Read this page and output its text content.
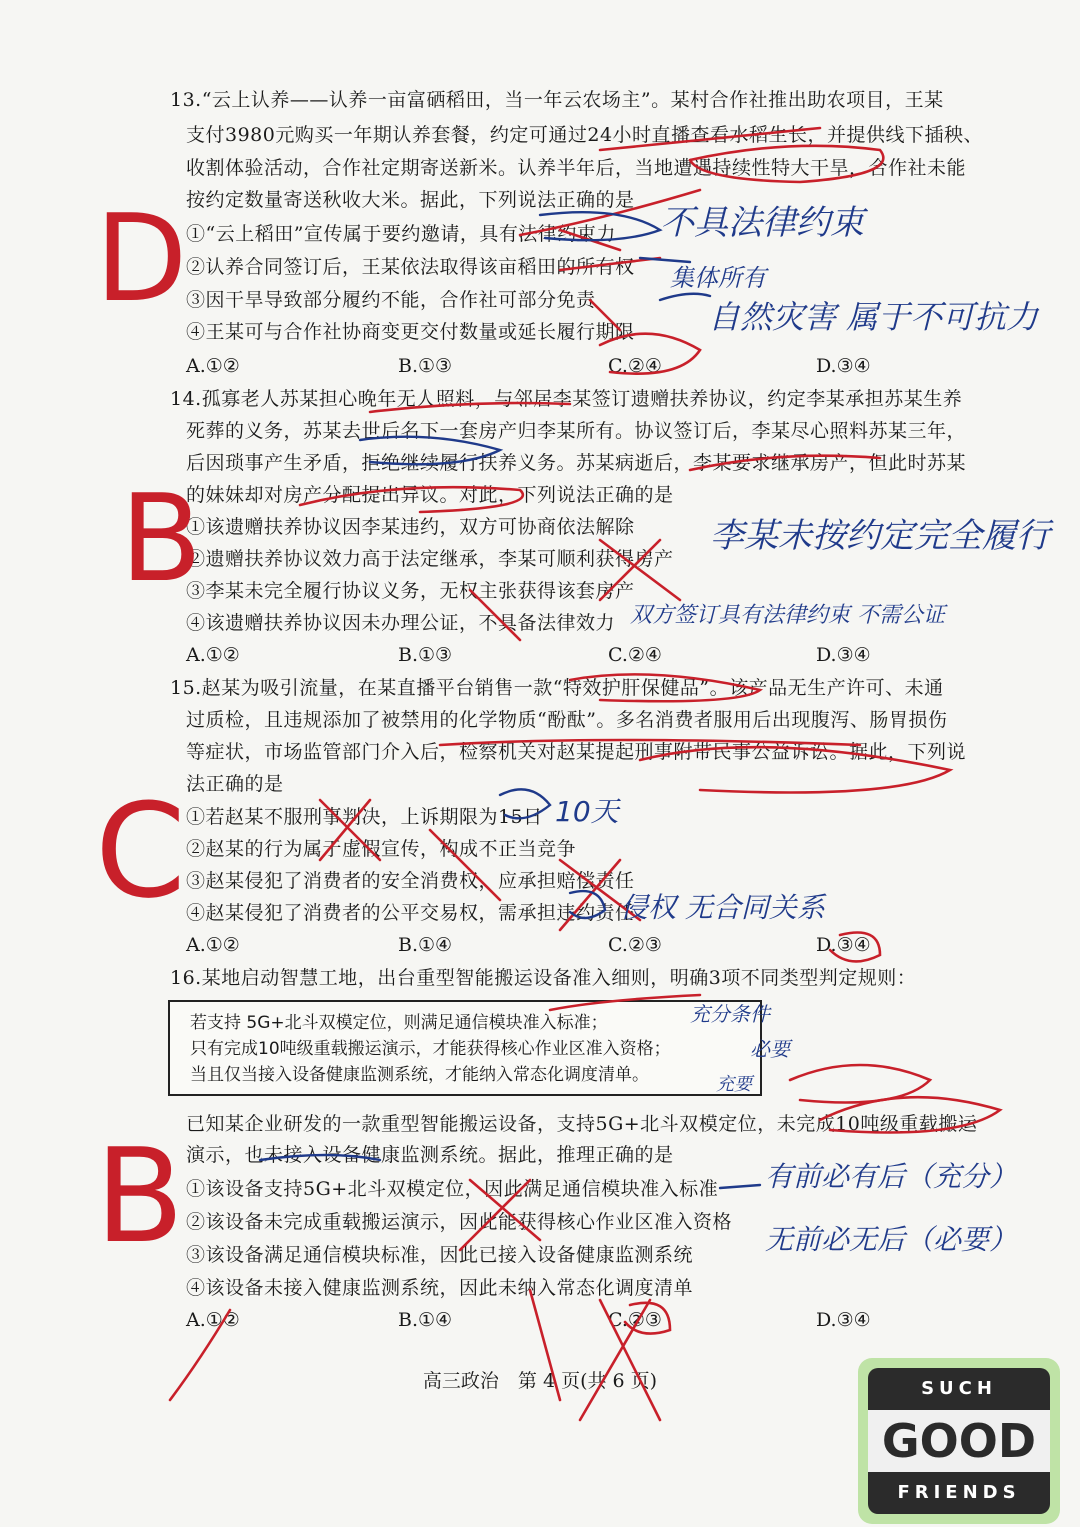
13.“云上认养——认养一亩富硒稻田，当一年云农场主”。某村合作社推出助农项目，王某
支付3980元购买一年期认养套餐，约定可通过24小时直播查看水稻生长，并提供线下插秧、
收割体验活动，合作社定期寄送新米。认养半年后，当地遭遇持续性特大干旱，合作社未能
按约定数量寄送秋收大米。据此，下列说法正确的是
①“云上稻田”宣传属于要约邀请，具有法律约束力
②认养合同签订后，王某依法取得该亩稻田的所有权
③因干旱导致部分履约不能，合作社可部分免责
④王某可与合作社协商变更交付数量或延长履行期限
A.①②	B.①③	C.②④	D.③④
14.孤寡老人苏某担心晚年无人照料，与邻居李某签订遗赠扶养协议，约定李某承担苏某生养
死葬的义务，苏某去世后名下一套房产归李某所有。协议签订后，李某尽心照料苏某三年，
后因琐事产生矛盾，拒绝继续履行扶养义务。苏某病逝后，李某要求继承房产，但此时苏某
的妹妹却对房产分配提出异议。对此，下列说法正确的是
①该遗赠扶养协议因李某违约，双方可协商依法解除
②遗赠扶养协议效力高于法定继承，李某可顺利获得房产
③李某未完全履行协议义务，无权主张获得该套房产
④该遗赠扶养协议因未办理公证，不具备法律效力
A.①②	B.①③	C.②④	D.③④
15.赵某为吸引流量，在某直播平台销售一款“特效护肝保健品”。该产品无生产许可、未通
过质检，且违规添加了被禁用的化学物质“酚酞”。多名消费者服用后出现腹泻、肠胃损伤
等症状，市场监管部门介入后，检察机关对赵某提起刑事附带民事公益诉讼。据此，下列说
法正确的是
①若赵某不服刑事判决，上诉期限为15日
②赵某的行为属于虚假宣传，构成不正当竞争
③赵某侵犯了消费者的安全消费权，应承担赔偿责任
④赵某侵犯了消费者的公平交易权，需承担违约责任
A.①②	B.①④	C.②③	D.③④
16.某地启动智慧工地，出台重型智能搬运设备准入细则，明确3项不同类型判定规则：
若支持 5G+北斗双模定位，则满足通信模块准入标准；
只有完成10吨级重载搬运演示，才能获得核心作业区准入资格；
当且仅当接入设备健康监测系统，才能纳入常态化调度清单。
已知某企业研发的一款重型智能搬运设备，支持5G+北斗双模定位，未完成10吨级重载搬运
演示，也未接入设备健康监测系统。据此，推理正确的是
①该设备支持5G+北斗双模定位，因此满足通信模块准入标准
②该设备未完成重载搬运演示，因此能获得核心作业区准入资格
③该设备满足通信模块标准，因此已接入设备健康监测系统
④该设备未接入健康监测系统，因此未纳入常态化调度清单
A.①②	B.①④	C.②③	D.③④
高三政治　第 4 页(共 6 页)
D
B
C
B
不具法律约束
集体所有
自然灾害 属于不可抗力
李某未按约定完全履行
双方签订具有法律约束 不需公证
10天
侵权 无合同关系
充分条件
必要
充要
有前必有后（充分）
无前必无后（必要）
SUCH
GOOD
FRIENDS
